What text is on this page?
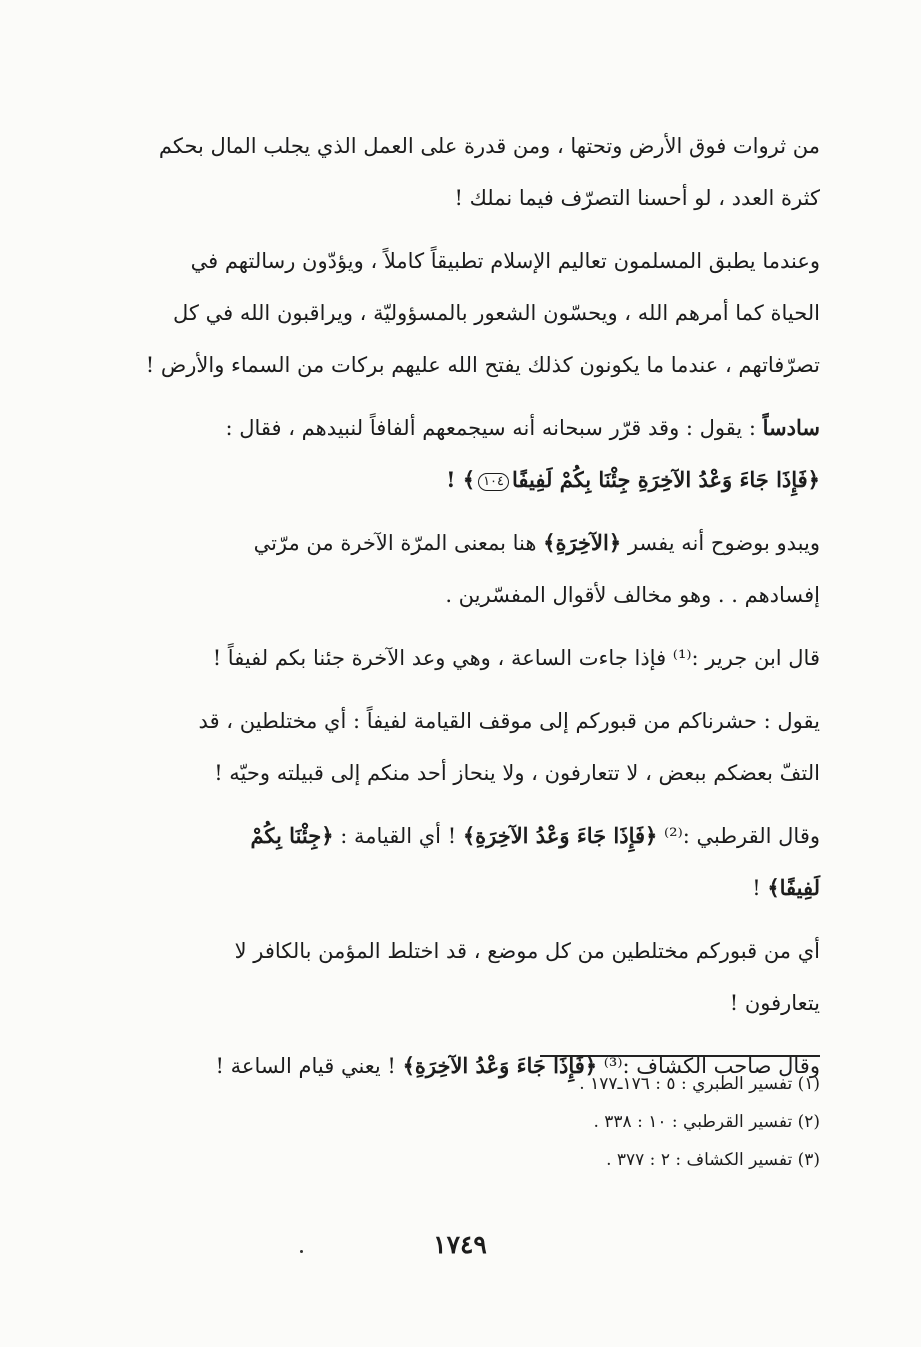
من ثروات فوق الأرض وتحتها ، ومن قدرة على العمل الذي يجلب المال بحكم
كثرة العدد ، لو أحسنا التصرّف فيما نملك !
وعندما يطبق المسلمون تعاليم الإسلام تطبيقاً كاملاً ، ويؤدّون رسالتهم في
الحياة كما أمرهم الله ، ويحسّون الشعور بالمسؤوليّة ، ويراقبون الله في كل
تصرّفاتهم ، عندما ما يكونون كذلك يفتح الله عليهم بركات من السماء والأرض !
سادساً : يقول : وقد قرّر سبحانه أنه سيجمعهم ألفافاً لنبيدهم ، فقال :
﴿فَإِذَا جَاءَ وَعْدُ الآخِرَةِ جِئْنَا بِكُمْ لَفِيفًا١٠٤﴾ !
ويبدو بوضوح أنه يفسر ﴿الآخِرَةِ﴾ هنا بمعنى المرّة الآخرة من مرّتي
إفسادهم . . وهو مخالف لأقوال المفسّرين .
قال ابن جرير :⁽¹⁾ فإذا جاءت الساعة ، وهي وعد الآخرة جئنا بكم لفيفاً !
يقول : حشرناكم من قبوركم إلى موقف القيامة لفيفاً : أي مختلطين ، قد
التفّ بعضكم ببعض ، لا تتعارفون ، ولا ينحاز أحد منكم إلى قبيلته وحيّه !
وقال القرطبي :⁽²⁾ ﴿فَإِذَا جَاءَ وَعْدُ الآخِرَةِ﴾ ! أي القيامة : ﴿جِئْنَا بِكُمْ
لَفِيفًا﴾ !
أي من قبوركم مختلطين من كل موضع ، قد اختلط المؤمن بالكافر لا
يتعارفون !
وقال صاحب الكشاف :⁽³⁾ ﴿فَإِذَا جَاءَ وَعْدُ الآخِرَةِ﴾ ! يعني قيام الساعة !
(١) تفسير الطبري : ٥ : ١٧٦ـ١٧٧ .
(٢) تفسير القرطبي : ١٠ : ٣٣٨ .
(٣) تفسير الكشاف : ٢ : ٣٧٧ .
١٧٤٩
